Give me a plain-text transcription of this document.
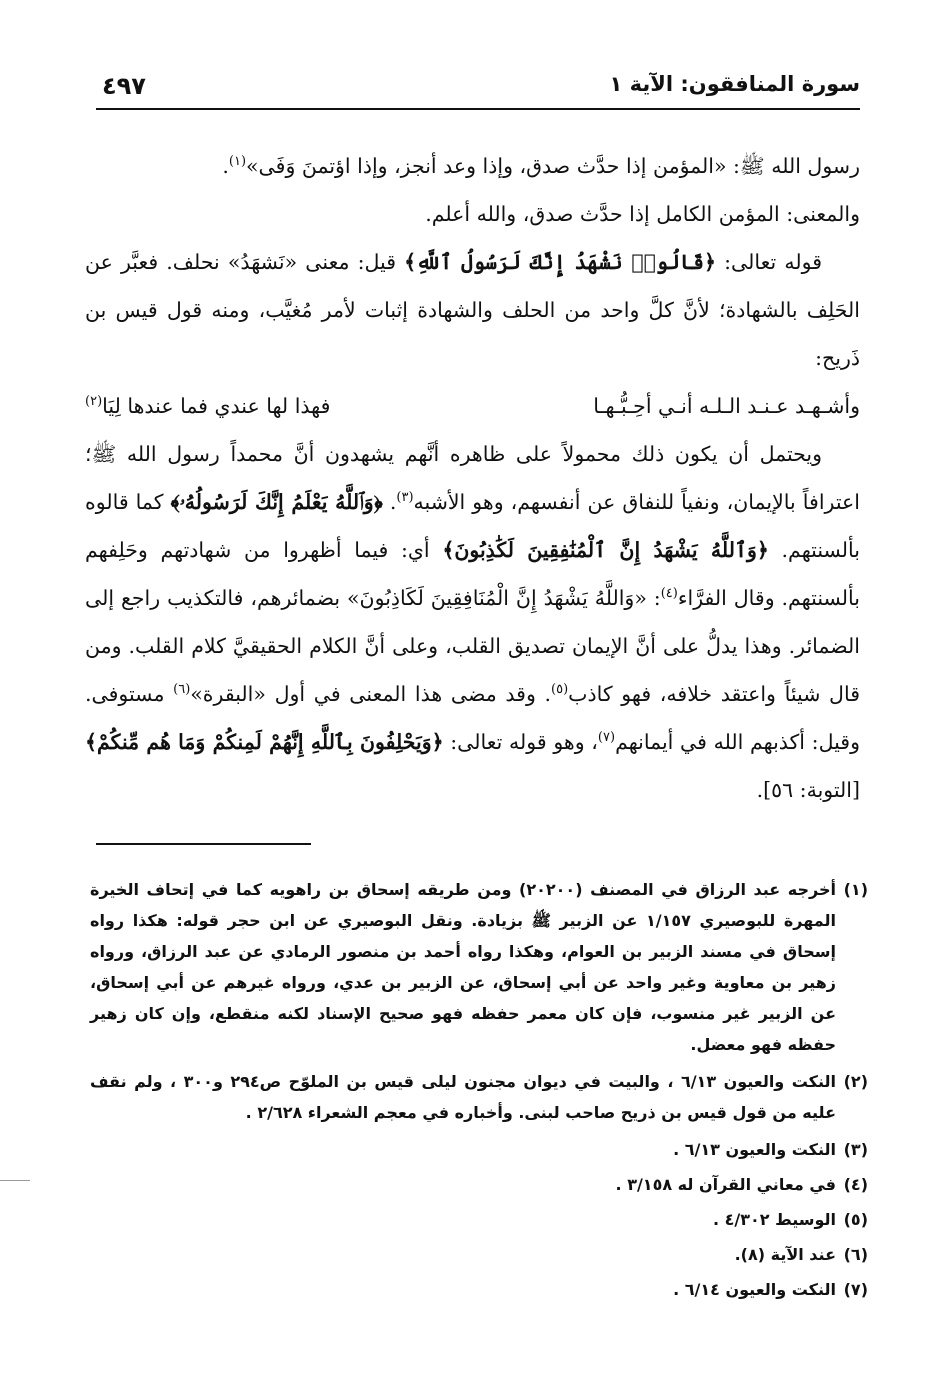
سورة المنافقون: الآية ١
٤٩٧

رسول الله ﷺ: «المؤمن إذا حدَّث صدق، وإذا وعد أنجز، وإذا اؤتمنَ وَفَى»$^{(١)}$.

والمعنى: المؤمن الكامل إذا حدَّث صدق، والله أعلم.

قوله تعالى: ﴿قَالُوا۟ نَشْهَدُ إِنَّكَ لَرَسُولُ ٱللَّهِ﴾ قيل: معنى «نَشهَدُ» نحلف. فعبَّر عن الحَلِف بالشهادة؛ لأنَّ كلَّ واحد من الحلف والشهادة إثبات لأمر مُغيَّب، ومنه قول قيس بن ذَريح:

وأشـهـد عـنـد الـلـه أنـي أحِـبُّـهـا
فهذا لها عندي فما عندها لِيَا(٢)

ويحتمل أن يكون ذلك محمولاً على ظاهره أنَّهم يشهدون أنَّ محمداً رسول الله ﷺ؛ اعترافاً بالإيمان، ونفياً للنفاق عن أنفسهم، وهو الأشبه$^{(٣)}$. ﴿وَٱللَّهُ يَعْلَمُ إِنَّكَ لَرَسُولُهُۥ﴾ كما قالوه بألسنتهم. ﴿وَٱللَّهُ يَشْهَدُ إِنَّ ٱلْمُنَٰفِقِينَ لَكَٰذِبُونَ﴾ أي: فيما أظهروا من شهادتهم وحَلِفهم بألسنتهم. وقال الفرَّاء$^{(٤)}$: «وَاللَّهُ يَشْهَدُ إِنَّ الْمُنَافِقِينَ لَكَاذِبُونَ» بضمائرهم، فالتكذيب راجع إلى الضمائر. وهذا يدلُّ على أنَّ الإيمان تصديق القلب، وعلى أنَّ الكلام الحقيقيَّ كلام القلب. ومن قال شيئاً واعتقد خلافه، فهو كاذب$^{(٥)}$. وقد مضى هذا المعنى في أول «البقرة»$^{(٦)}$ مستوفى. وقيل: أكذبهم الله في أيمانهم$^{(٧)}$، وهو قوله تعالى: ﴿وَيَحْلِفُونَ بِٱللَّهِ إِنَّهُمْ لَمِنكُمْ وَمَا هُم مِّنكُمْ﴾ [التوبة: ٥٦].

(١)
أخرجه عبد الرزاق في المصنف (٢٠٢٠٠) ومن طريقه إسحاق بن راهويه كما في إتحاف الخيرة المهرة للبوصيري ١/١٥٧ عن الزبير ﷺ بزيادة. ونقل البوصيري عن ابن حجر قوله: هكذا رواه إسحاق في مسند الزبير بن العوام، وهكذا رواه أحمد بن منصور الرمادي عن عبد الرزاق، ورواه زهير بن معاوية وغير واحد عن أبي إسحاق، عن الزبير بن عدي، ورواه غيرهم عن أبي إسحاق، عن الزبير غير منسوب، فإن كان معمر حفظه فهو صحيح الإسناد لكنه منقطع، وإن كان زهير حفظه فهو معضل.
(٢)
النكت والعيون ٦/١٣ ، والبيت في ديوان مجنون ليلى قيس بن الملوّح ص٢٩٤ و٣٠٠ ، ولم نقف عليه من قول قيس بن ذريح صاحب لبنى. وأخباره في معجم الشعراء ٢/٦٢٨ .
(٣)
النكت والعيون ٦/١٣ .
(٤)
في معاني القرآن له ٣/١٥٨ .
(٥)
الوسيط ٤/٣٠٢ .
(٦)
عند الآية (٨).
(٧)
النكت والعيون ٦/١٤ .
